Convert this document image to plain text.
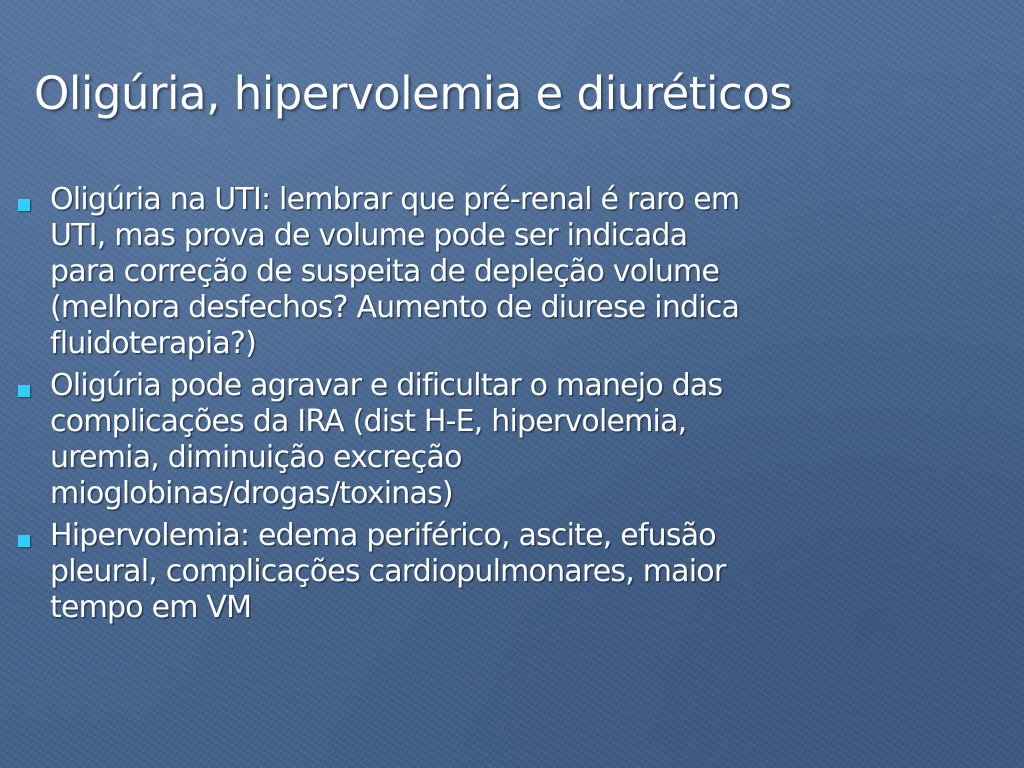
Oligúria, hipervolemia e diuréticos
Oligúria na UTI: lembrar que pré-renal é raro em
UTI, mas prova de volume pode ser indicada
para correção de suspeita de depleção volume
(melhora desfechos? Aumento de diurese indica
fluidoterapia?)
Oligúria pode agravar e dificultar o manejo das
complicações da IRA (dist H-E, hipervolemia,
uremia, diminuição excreção
mioglobinas/drogas/toxinas)
Hipervolemia: edema periférico, ascite, efusão
pleural, complicações cardiopulmonares, maior
tempo em VM
